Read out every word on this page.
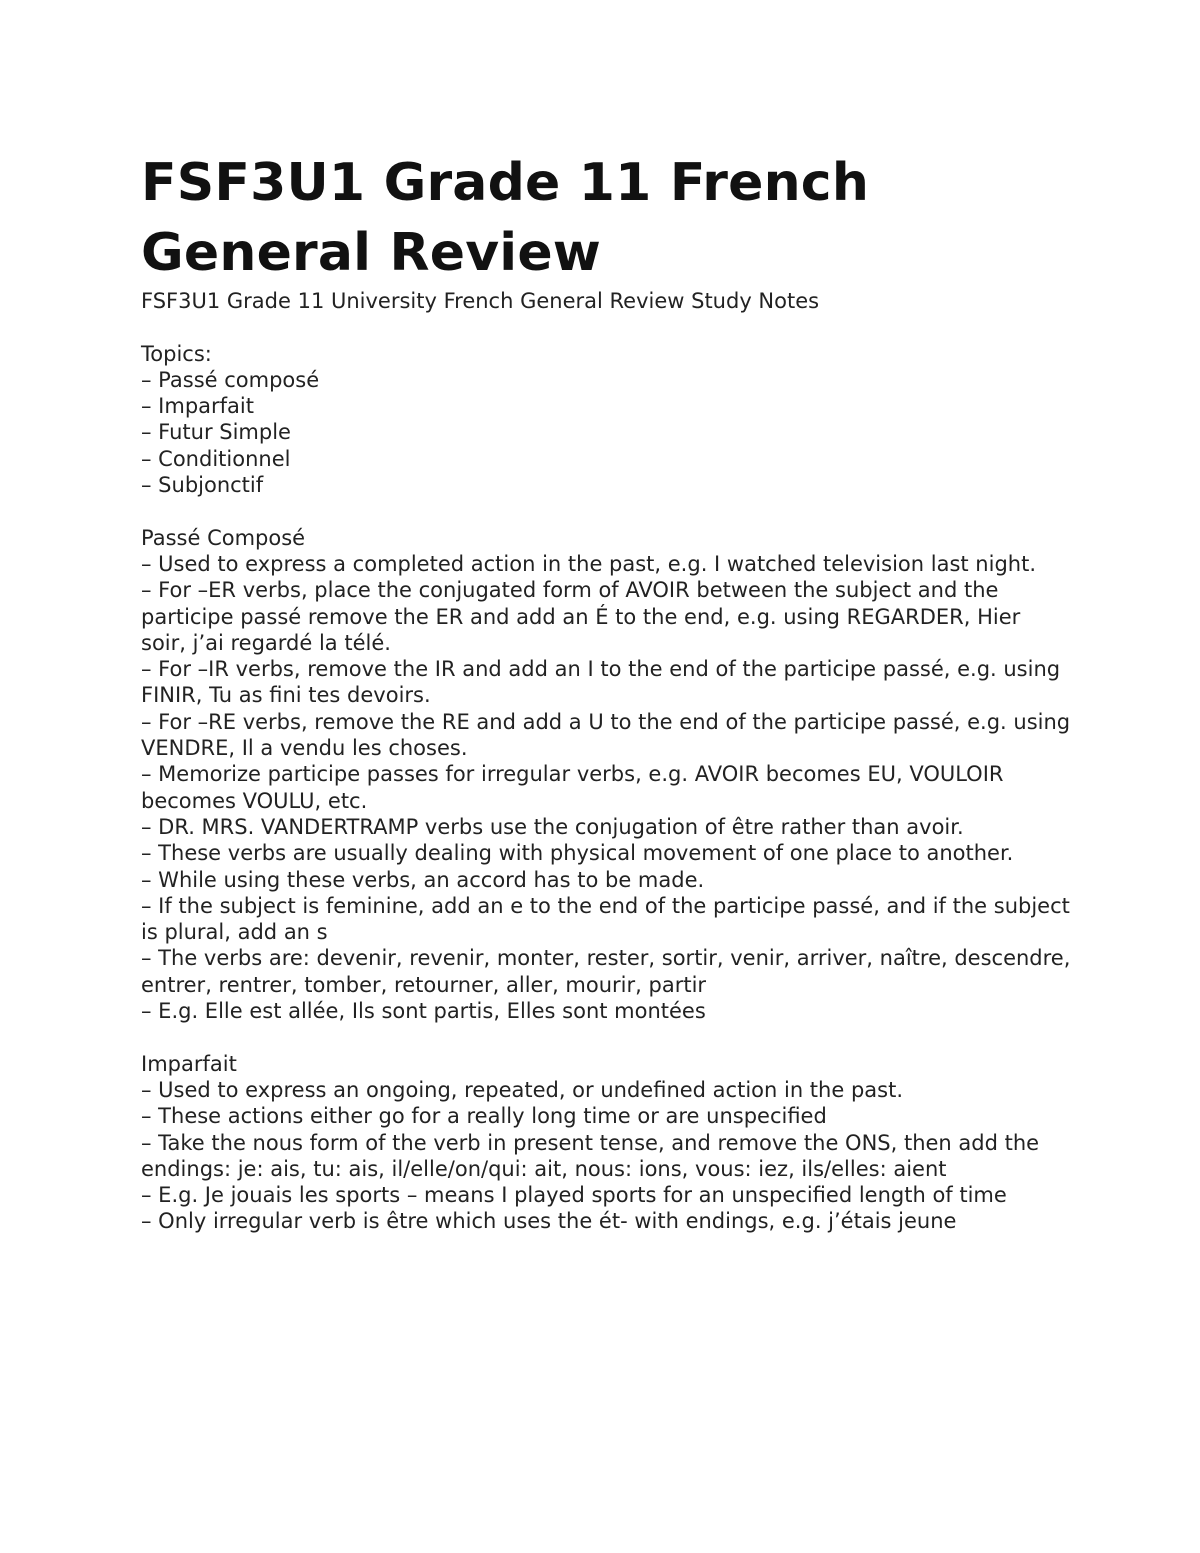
FSF3U1 Grade 11 French
General Review

FSF3U1 Grade 11 University French General Review Study Notes

Topics:

– Passé composé
– Imparfait
– Futur Simple
– Conditionnel
– Subjonctif

Passé Composé

– Used to express a completed action in the past, e.g. I watched television last night.
– For –ER verbs, place the conjugated form of AVOIR between the subject and the participe passé remove the ER and add an É to the end, e.g. using REGARDER, Hier soir, j’ai regardé la télé.
– For –IR verbs, remove the IR and add an I to the end of the participe passé, e.g. using FINIR, Tu as fini tes devoirs.
– For –RE verbs, remove the RE and add a U to the end of the participe passé, e.g. using VENDRE, Il a vendu les choses.
– Memorize participe passes for irregular verbs, e.g. AVOIR becomes EU, VOULOIR becomes VOULU, etc.
– DR. MRS. VANDERTRAMP verbs use the conjugation of être rather than avoir.
– These verbs are usually dealing with physical movement of one place to another.
– While using these verbs, an accord has to be made.
– If the subject is feminine, add an e to the end of the participe passé, and if the subject is plural, add an s
– The verbs are: devenir, revenir, monter, rester, sortir, venir, arriver, naître, descendre, entrer, rentrer, tomber, retourner, aller, mourir, partir
– E.g. Elle est allée, Ils sont partis, Elles sont montées

Imparfait

– Used to express an ongoing, repeated, or undefined action in the past.
– These actions either go for a really long time or are unspecified
– Take the nous form of the verb in present tense, and remove the ONS, then add the endings: je: ais, tu: ais, il/elle/on/qui: ait, nous: ions, vous: iez, ils/elles: aient
– E.g. Je jouais les sports – means I played sports for an unspecified length of time
– Only irregular verb is être which uses the ét- with endings, e.g. j’étais jeune
